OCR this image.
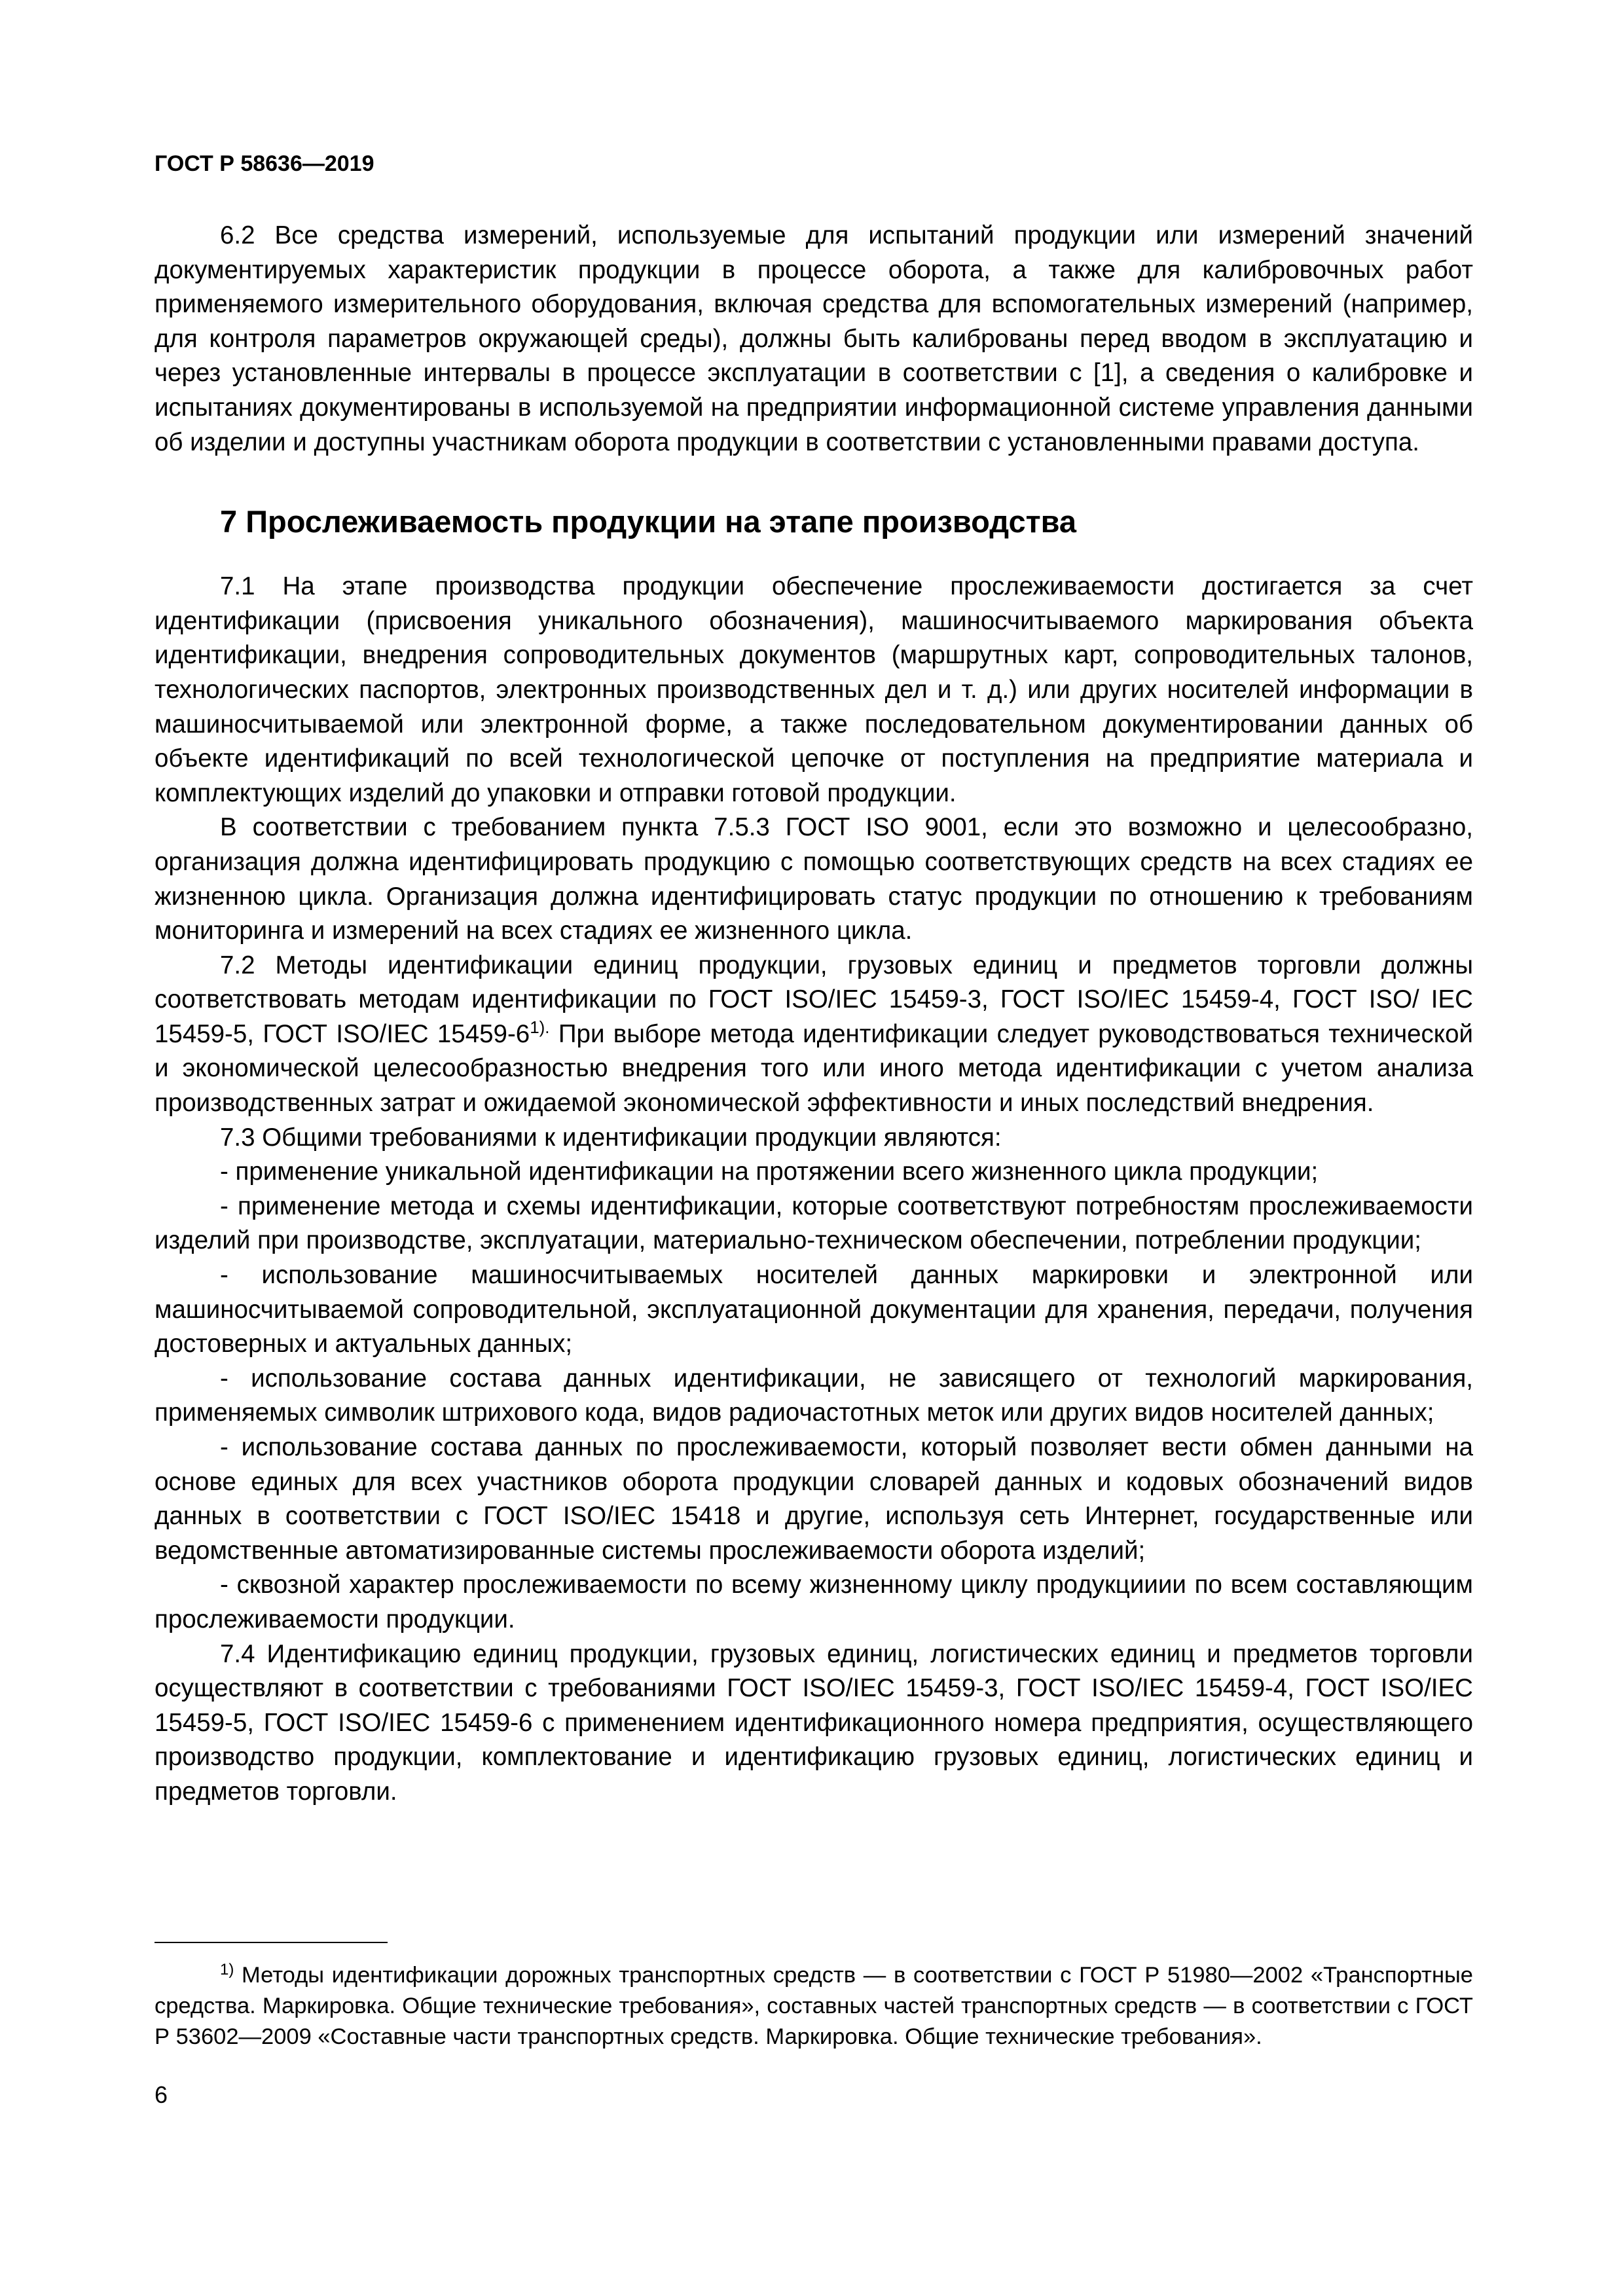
ГОСТ Р 58636—2019

6.2 Все средства измерений, используемые для испытаний продукции или измерений значений документируемых характеристик продукции в процессе оборота, а также для калибровочных работ применяемого измерительного оборудования, включая средства для вспомогательных измерений (например, для контроля параметров окружающей среды), должны быть калиброваны перед вводом в эксплуатацию и через установленные интервалы в процессе эксплуатации в соответствии с [1], а сведения о калибровке и испытаниях документированы в используемой на предприятии информационной системе управления данными об изделии и доступны участникам оборота продукции в соответствии с установленными правами доступа.

7 Прослеживаемость продукции на этапе производства

7.1 На этапе производства продукции обеспечение прослеживаемости достигается за счет идентификации (присвоения уникального обозначения), машиносчитываемого маркирования объекта идентификации, внедрения сопроводительных документов (маршрутных карт, сопроводительных талонов, технологических паспортов, электронных производственных дел и т. д.) или других носителей информации в машиносчитываемой или электронной форме, а также последовательном документировании данных об объекте идентификаций по всей технологической цепочке от поступления на предприятие материала и комплектующих изделий до упаковки и отправки готовой продукции.

В соответствии с требованием пункта 7.5.3 ГОСТ ISO 9001, если это возможно и целесообразно, организация должна идентифицировать продукцию с помощью соответствующих средств на всех стадиях ее жизненною цикла. Организация должна идентифицировать статус продукции по отношению к требованиям мониторинга и измерений на всех стадиях ее жизненного цикла.

7.2 Методы идентификации единиц продукции, грузовых единиц и предметов торговли должны соответствовать методам идентификации по ГОСТ ISO/IEC 15459-3, ГОСТ ISO/IEC 15459-4, ГОСТ ISO/ IEC 15459-5, ГОСТ ISO/IEC $15459-6^{1).}$ При выборе метода идентификации следует руководствоваться технической и экономической целесообразностью внедрения того или иного метода идентификации с учетом анализа производственных затрат и ожидаемой экономической эффективности и иных последствий внедрения.

7.3 Общими требованиями к идентификации продукции являются:

- применение уникальной идентификации на протяжении всего жизненного цикла продукции;

- применение метода и схемы идентификации, которые соответствуют потребностям прослеживаемости изделий при производстве, эксплуатации, материально-техническом обеспечении, потреблении продукции;

- использование машиносчитываемых носителей данных маркировки и электронной или машиносчитываемой сопроводительной, эксплуатационной документации для хранения, передачи, получения достоверных и актуальных данных;

- использование состава данных идентификации, не зависящего от технологий маркирования, применяемых символик штрихового кода, видов радиочастотных меток или других видов носителей данных;

- использование состава данных по прослеживаемости, который позволяет вести обмен данными на основе единых для всех участников оборота продукции словарей данных и кодовых обозначений видов данных в соответствии с ГОСТ ISO/IEC 15418 и другие, используя сеть Интернет, государственные или ведомственные автоматизированные системы прослеживаемости оборота изделий;

- сквозной характер прослеживаемости по всему жизненному циклу продукцииии по всем составляющим прослеживаемости продукции.

7.4 Идентификацию единиц продукции, грузовых единиц, логистических единиц и предметов торговли осуществляют в соответствии с требованиями ГОСТ ISO/IEC 15459-3, ГОСТ ISO/IEC 15459-4, ГОСТ ISO/IEC 15459-5, ГОСТ ISO/IEC 15459-6 с применением идентификационного номера предприятия, осуществляющего производство продукции, комплектование и идентификацию грузовых единиц, логистических единиц и предметов торговли.

$^{1)}$ Методы идентификации дорожных транспортных средств — в соответствии с ГОСТ Р 51980—2002 «Транспортные средства. Маркировка. Общие технические требования», составных частей транспортных средств — в соответствии с ГОСТ Р 53602—2009 «Составные части транспортных средств. Маркировка. Общие технические требования».

6
